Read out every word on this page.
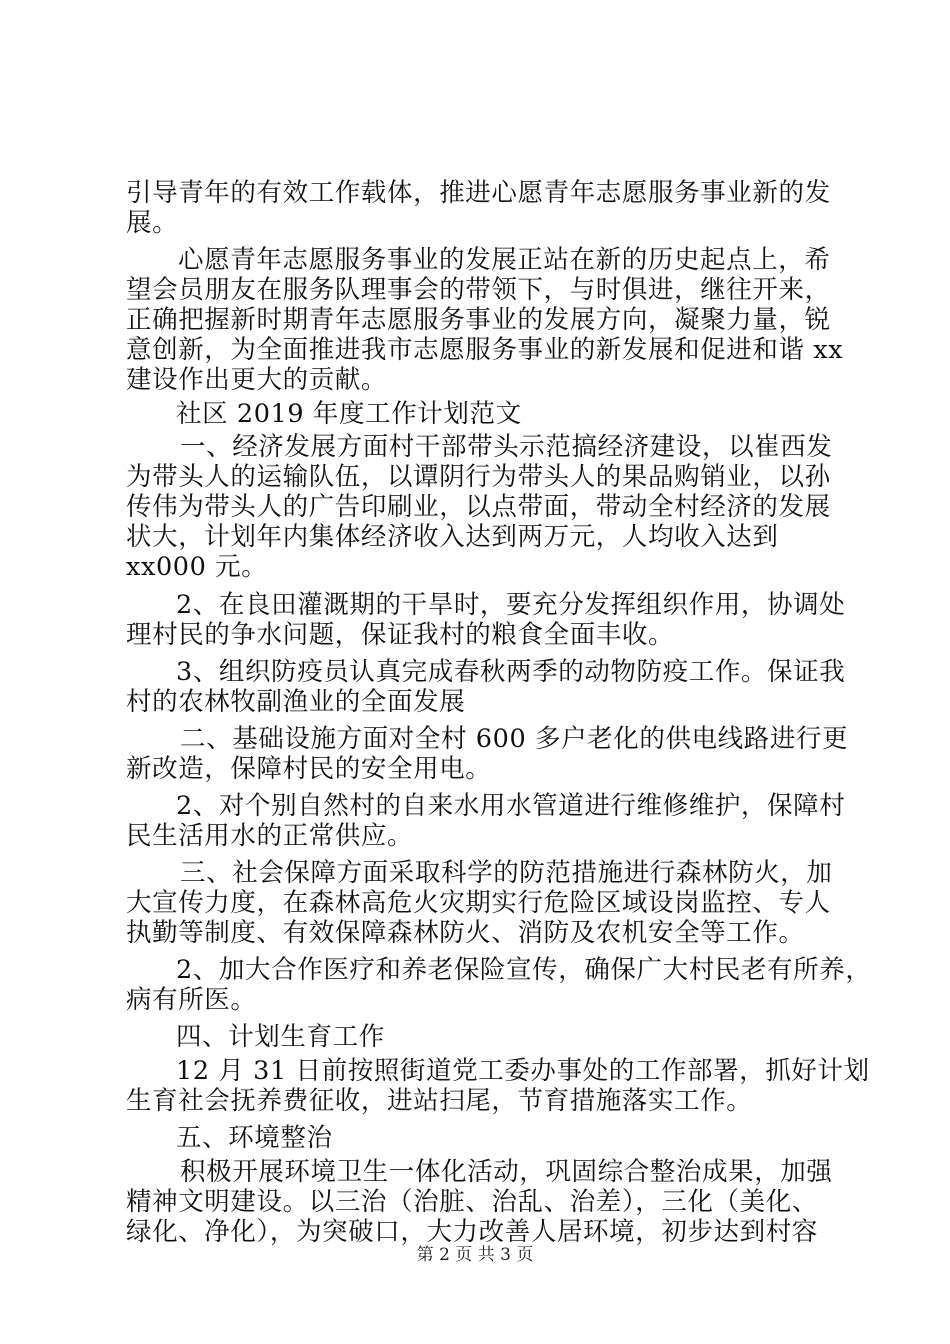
引导青年的有效工作载体，推进心愿青年志愿服务事业新的发
展。
心愿青年志愿服务事业的发展正站在新的历史起点上，希
望会员朋友在服务队理事会的带领下，与时俱进，继往开来，
正确把握新时期青年志愿服务事业的发展方向，凝聚力量，锐
意创新，为全面推进我市志愿服务事业的新发展和促进和谐 xx
建设作出更大的贡献。
社区 2019 年度工作计划范文
一、经济发展方面村干部带头示范搞经济建设，以崔西发
为带头人的运输队伍，以谭阴行为带头人的果品购销业，以孙
传伟为带头人的广告印刷业，以点带面，带动全村经济的发展
状大，计划年内集体经济收入达到两万元，人均收入达到
xx000 元。
2、在良田灌溉期的干旱时，要充分发挥组织作用，协调处
理村民的争水问题，保证我村的粮食全面丰收。
3、组织防疫员认真完成春秋两季的动物防疫工作。保证我
村的农林牧副渔业的全面发展
二、基础设施方面对全村 600 多户老化的供电线路进行更
新改造，保障村民的安全用电。
2、对个别自然村的自来水用水管道进行维修维护，保障村
民生活用水的正常供应。
三、社会保障方面采取科学的防范措施进行森林防火，加
大宣传力度，在森林高危火灾期实行危险区域设岗监控、专人
执勤等制度、有效保障森林防火、消防及农机安全等工作。
2、加大合作医疗和养老保险宣传，确保广大村民老有所养，
病有所医。
四、计划生育工作
12 月 31 日前按照街道党工委办事处的工作部署，抓好计划
生育社会抚养费征收，进站扫尾，节育措施落实工作。
五、环境整治
积极开展环境卫生一体化活动，巩固综合整治成果，加强
精神文明建设。以三治（治脏、治乱、治差），三化（美化、
绿化、净化），为突破口，大力改善人居环境，初步达到村容
第 2 页 共 3 页
